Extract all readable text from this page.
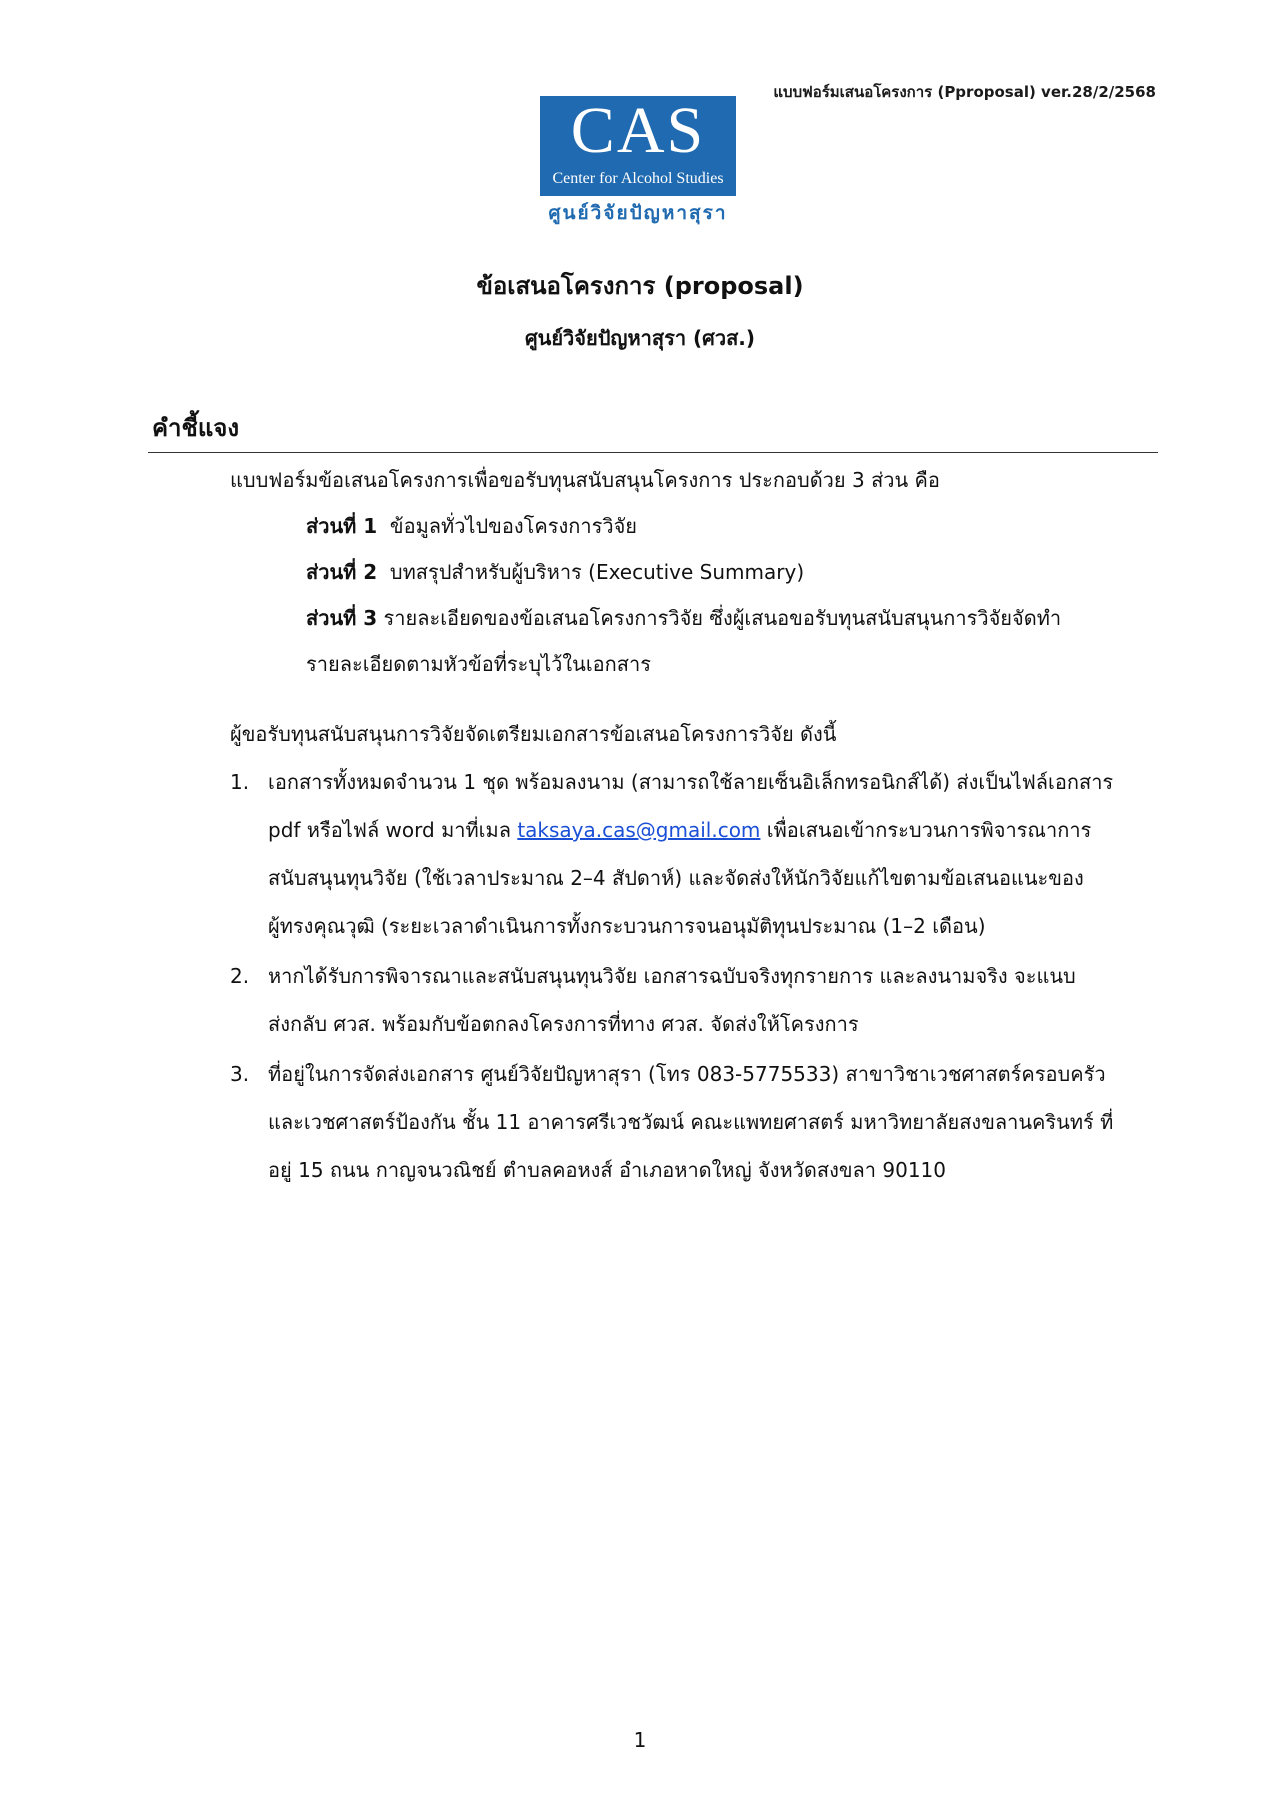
แบบฟอร์มเสนอโครงการ (Pproposal) ver.28/2/2568
CAS
Center for Alcohol Studies
ศูนย์วิจัยปัญหาสุรา
ข้อเสนอโครงการ (proposal)
ศูนย์วิจัยปัญหาสุรา (ศวส.)
คำชี้แจง
แบบฟอร์มข้อเสนอโครงการเพื่อขอรับทุนสนับสนุนโครงการ ประกอบด้วย 3 ส่วน คือ
ส่วนที่ 1 ข้อมูลทั่วไปของโครงการวิจัย
ส่วนที่ 2 บทสรุปสำหรับผู้บริหาร (Executive Summary)
ส่วนที่ 3 รายละเอียดของข้อเสนอโครงการวิจัย ซึ่งผู้เสนอขอรับทุนสนับสนุนการวิจัยจัดทำ
รายละเอียดตามหัวข้อที่ระบุไว้ในเอกสาร
ผู้ขอรับทุนสนับสนุนการวิจัยจัดเตรียมเอกสารข้อเสนอโครงการวิจัย ดังนี้
1. เอกสารทั้งหมดจำนวน 1 ชุด พร้อมลงนาม (สามารถใช้ลายเซ็นอิเล็กทรอนิกส์ได้) ส่งเป็นไฟล์เอกสาร
pdf หรือไฟล์ word มาที่เมล taksaya.cas@gmail.com เพื่อเสนอเข้ากระบวนการพิจารณาการ
สนับสนุนทุนวิจัย (ใช้เวลาประมาณ 2–4 สัปดาห์) และจัดส่งให้นักวิจัยแก้ไขตามข้อเสนอแนะของ
ผู้ทรงคุณวุฒิ (ระยะเวลาดำเนินการทั้งกระบวนการจนอนุมัติทุนประมาณ (1–2 เดือน)
2. หากได้รับการพิจารณาและสนับสนุนทุนวิจัย เอกสารฉบับจริงทุกรายการ และลงนามจริง จะแนบ
ส่งกลับ ศวส. พร้อมกับข้อตกลงโครงการที่ทาง ศวส. จัดส่งให้โครงการ
3. ที่อยู่ในการจัดส่งเอกสาร ศูนย์วิจัยปัญหาสุรา (โทร 083-5775533) สาขาวิชาเวชศาสตร์ครอบครัว
และเวชศาสตร์ป้องกัน ชั้น 11 อาคารศรีเวชวัฒน์ คณะแพทยศาสตร์ มหาวิทยาลัยสงขลานครินทร์ ที่
อยู่ 15 ถนน กาญจนวณิชย์ ตำบลคอหงส์ อำเภอหาดใหญ่ จังหวัดสงขลา 90110
1
